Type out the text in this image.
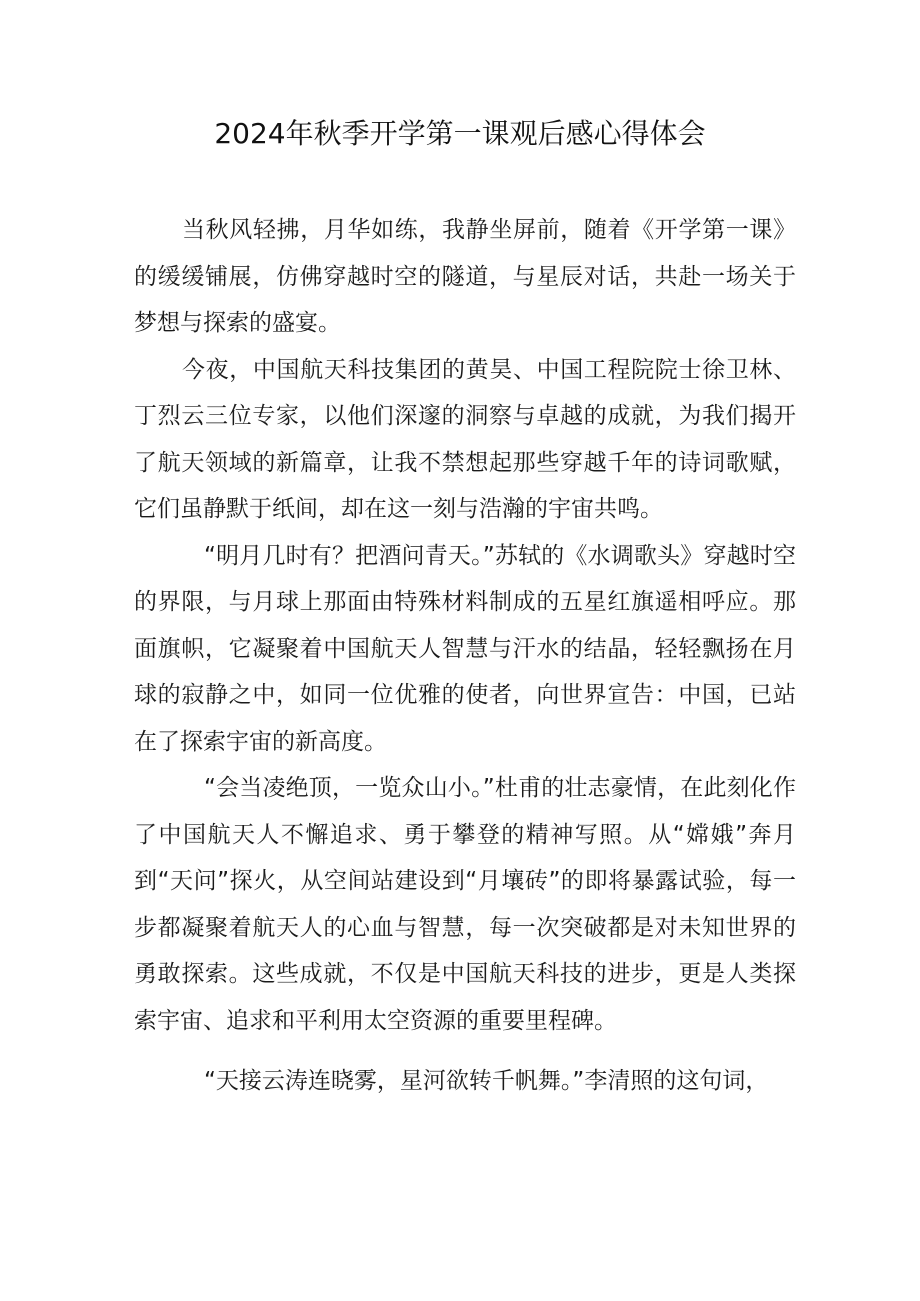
2024年秋季开学第一课观后感心得体会

当秋风轻拂，月华如练，我静坐屏前，随着《开学第一课》的缓缓铺展，仿佛穿越时空的隧道，与星辰对话，共赴一场关于梦想与探索的盛宴。

今夜，中国航天科技集团的黄昊、中国工程院院士徐卫林、丁烈云三位专家，以他们深邃的洞察与卓越的成就，为我们揭开了航天领域的新篇章，让我不禁想起那些穿越千年的诗词歌赋，它们虽静默于纸间，却在这一刻与浩瀚的宇宙共鸣。

“明月几时有？把酒问青天。”苏轼的《水调歌头》穿越时空的界限，与月球上那面由特殊材料制成的五星红旗遥相呼应。那面旗帜，它凝聚着中国航天人智慧与汗水的结晶，轻轻飘扬在月球的寂静之中，如同一位优雅的使者，向世界宣告：中国，已站在了探索宇宙的新高度。

“会当凌绝顶，一览众山小。”杜甫的壮志豪情，在此刻化作了中国航天人不懈追求、勇于攀登的精神写照。从“嫦娥”奔月到“天问”探火，从空间站建设到“月壤砖”的即将暴露试验，每一步都凝聚着航天人的心血与智慧，每一次突破都是对未知世界的勇敢探索。这些成就，不仅是中国航天科技的进步，更是人类探索宇宙、追求和平利用太空资源的重要里程碑。

“天接云涛连晓雾，星河欲转千帆舞。”李清照的这句词，
